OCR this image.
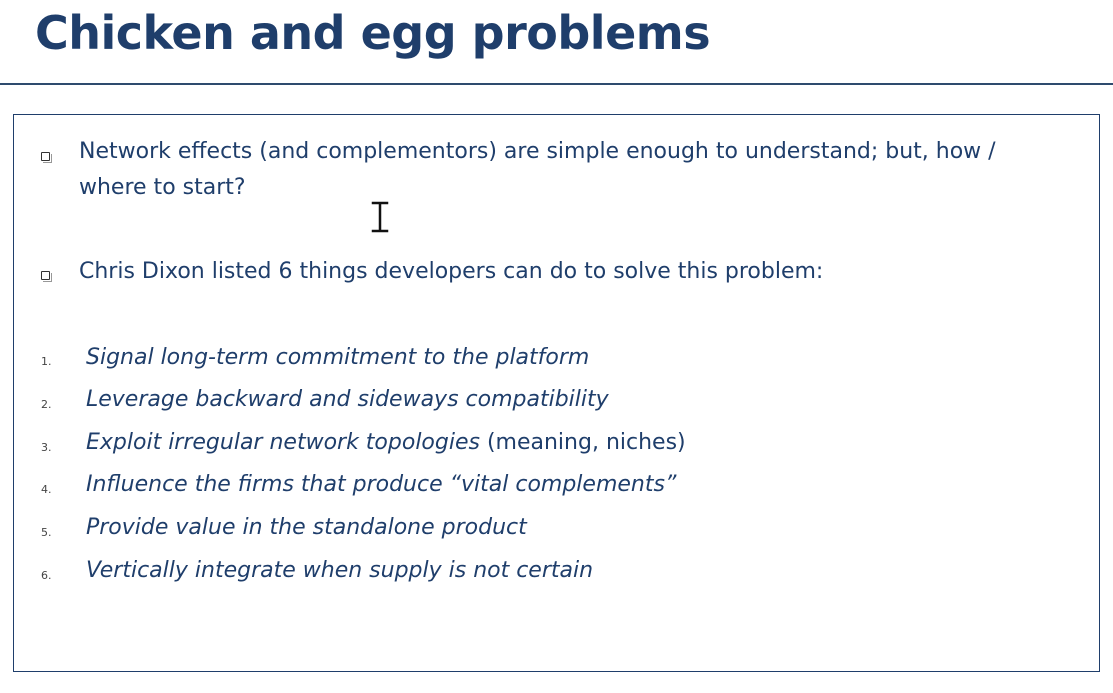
Chicken and egg problems
Network effects (and complementors) are simple enough to understand; but, how / where to start?
Chris Dixon listed 6 things developers can do to solve this problem:
1. Signal long-term commitment to the platform
2. Leverage backward and sideways compatibility
3. Exploit irregular network topologies (meaning, niches)
4. Influence the firms that produce “vital complements”
5. Provide value in the standalone product
6. Vertically integrate when supply is not certain
